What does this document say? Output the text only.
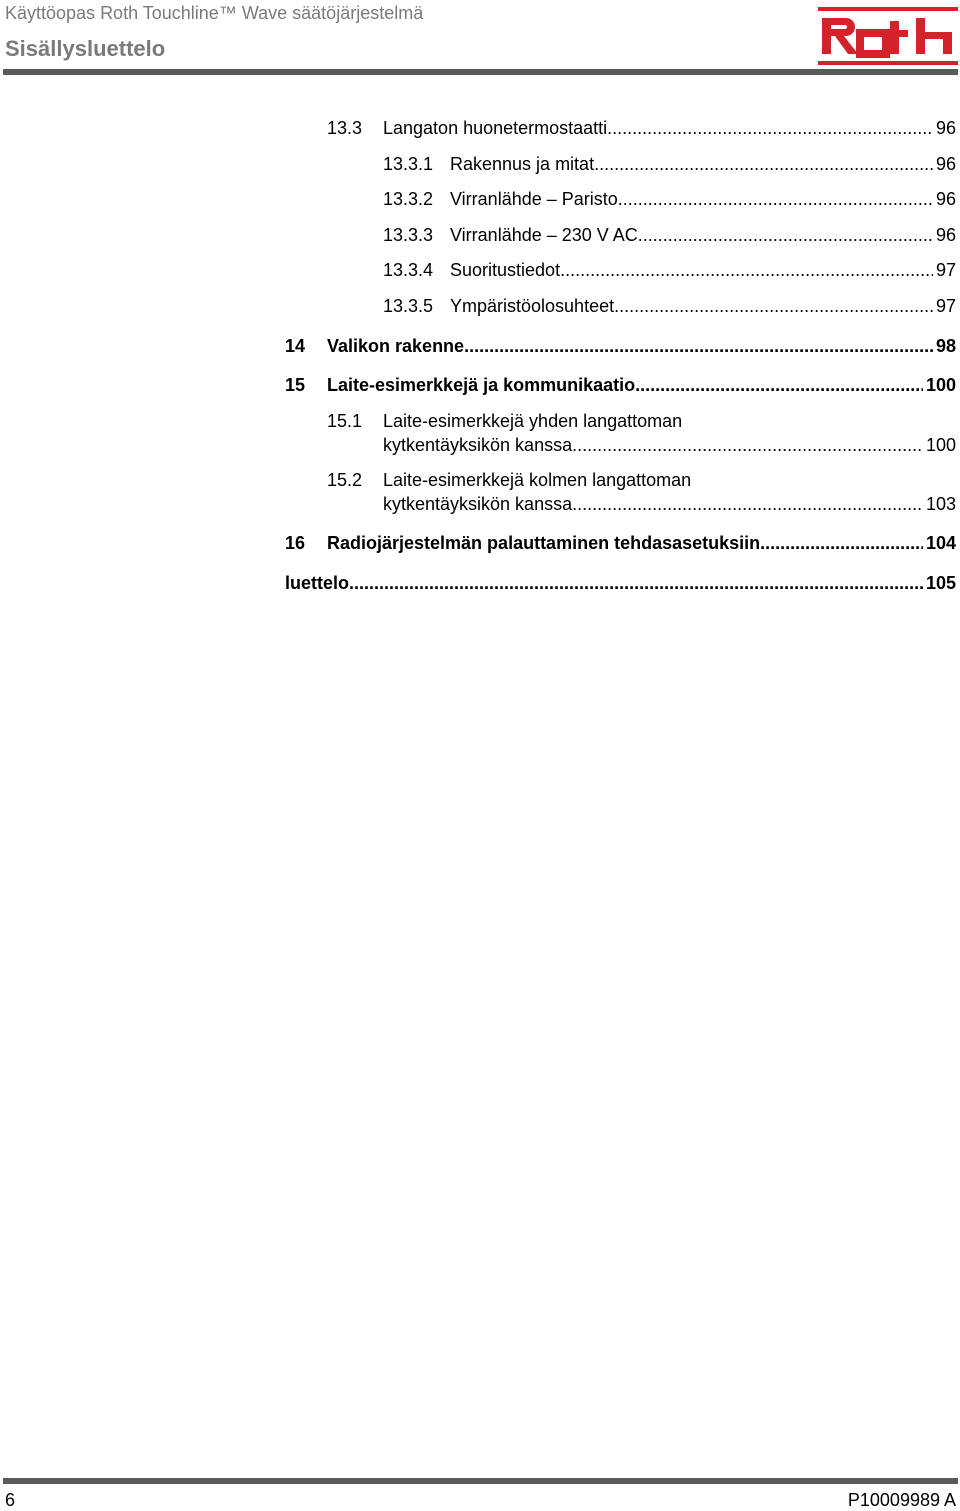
Käyttöopas Roth Touchline™ Wave säätöjärjestelmä
Sisällysluettelo
13.3 Langaton huonetermostaatti .....	96
13.3.1 Rakennus ja mitat .....	96
13.3.2 Virranlähde – Paristo .....	96
13.3.3 Virranlähde – 230 V AC .....	96
13.3.4 Suoritustiedot .....	97
13.3.5 Ympäristöolosuhteet .....	97
14 Valikon rakenne .....	98
15 Laite-esimerkkejä ja kommunikaatio .....	100
15.1 Laite-esimerkkejä yhden langattoman
kytkentäyksikön kanssa .....	100
15.2 Laite-esimerkkejä kolmen langattoman
kytkentäyksikön kanssa .....	103
16 Radiojärjestelmän palauttaminen tehdasasetuksiin .....	104
luettelo .....	105
6	P10009989 A
